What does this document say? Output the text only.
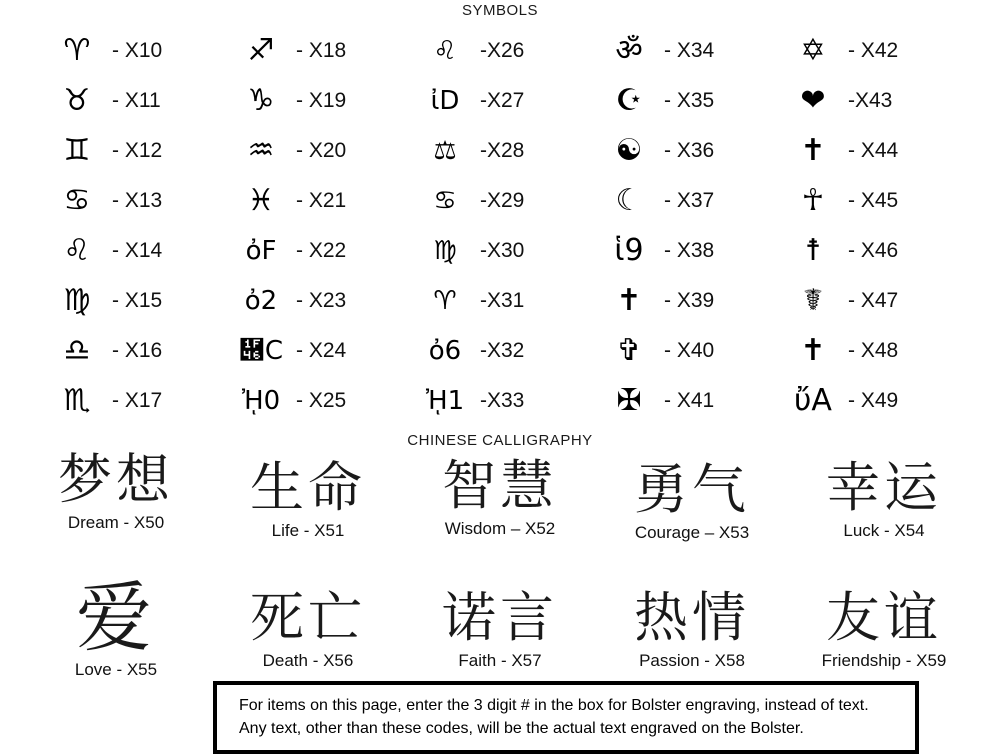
SYMBOLS
♈	- X10	♐	- X18	♌	-X26	ॐ	- X34	✡	- X42
♉	- X11	♑	- X19	ἰD -X27	☪	- X35	❤	-X43
♊	- X12	♒	- X20	⚖	-X28	☯	- X36	✝	- X44
♋	- X13	♓	- X21	♋	-X29	☾	- X37	☥	- X45
♌	- X14	ὀF - X22	♍	-X30	ἱ9 - X38	☨	- X46
♍	- X15	ὀ2 - X23	♈	-X31	✝	- X39	☤	- X47
♎	- X16	὆C - X24	ὀ6 -X32	✞	- X40	✝	- X48
♏	- X17	ᾘ0 - X25	ᾘ1 -X33	✠	- X41	ὔA - X49
CHINESE CALLIGRAPHY
梦想
Dream - X50
生命
Life - X51
智慧
Wisdom – X52
勇气
Courage – X53
幸运
Luck - X54
爱
Love - X55
死亡
Death - X56
诺言
Faith - X57
热情
Passion - X58
友谊
Friendship - X59
For items on this page, enter the 3 digit # in the box for Bolster engraving, instead of text.
Any text, other than these codes, will be the actual text engraved on the Bolster.
